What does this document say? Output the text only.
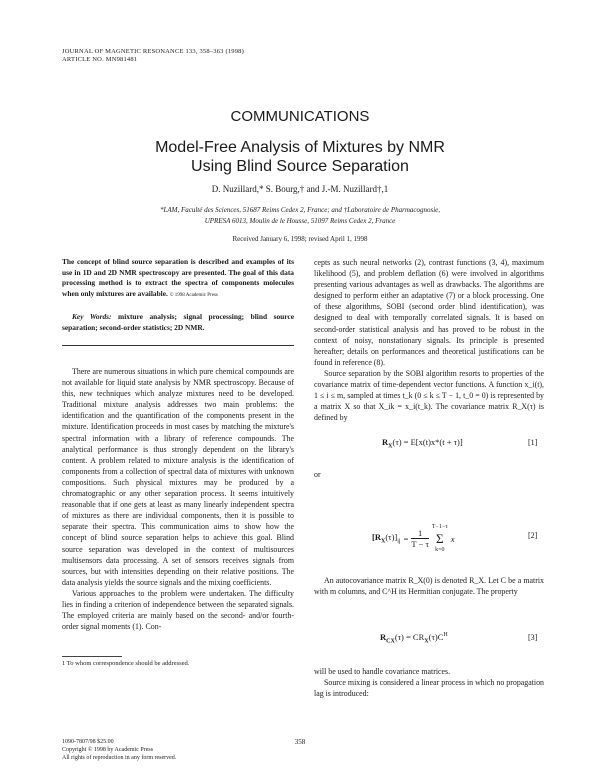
JOURNAL OF MAGNETIC RESONANCE 133, 358–363 (1998)
ARTICLE NO. MN981481
COMMUNICATIONS
Model-Free Analysis of Mixtures by NMR
Using Blind Source Separation
D. Nuzillard,* S. Bourg,† and J.-M. Nuzillard†,1
*LAM, Faculté des Sciences, 51687 Reims Cedex 2, France; and †Laboratoire de Pharmacognosie,
UPRESA 6013, Moulin de le Housse, 51097 Reims Cedex 2, France
Received January 6, 1998; revised April 1, 1998
The concept of blind source separation is described and examples of its use in 1D and 2D NMR spectroscopy are presented. The goal of this data processing method is to extract the spectra of components molecules when only mixtures are available. © 1998 Academic Press

Key Words: mixture analysis; signal processing; blind source separation; second-order statistics; 2D NMR.

There are numerous situations in which pure chemical compounds are not available for liquid state analysis by NMR spectroscopy. Because of this, new techniques which analyze mixtures need to be developed. Traditional mixture analysis addresses two main problems: the identification and the quantification of the components present in the mixture. Identification proceeds in most cases by matching the mixture's spectral information with a library of reference compounds. The analytical performance is thus strongly dependent on the library's content. A problem related to mixture analysis is the identification of components from a collection of spectral data of mixtures with unknown compositions. Such physical mixtures may be produced by a chromatographic or any other separation process. It seems intuitively reasonable that if one gets at least as many linearly independent spectra of mixtures as there are individual components, then it is possible to separate their spectra. This communication aims to show how the concept of blind source separation helps to achieve this goal. Blind source separation was developed in the context of multisources multisensors data processing. A set of sensors receives signals from sources, but with intensities depending on their relative positions. The data analysis yields the source signals and the mixing coefficients.

Various approaches to the problem were undertaken. The difficulty lies in finding a criterion of independence between the separated signals. The employed criteria are mainly based on the second- and/or fourth-order signal moments (1). Con-

cepts as such neural networks (2), contrast functions (3, 4), maximum likelihood (5), and problem deflation (6) were involved in algorithms presenting various advantages as well as drawbacks. The algorithms are designed to perform either an adaptative (7) or a block processing. One of these algorithms, SOBI (second order blind identification), was designed to deal with temporally correlated signals. It is based on second-order statistical analysis and has proved to be robust in the context of noisy, nonstationary signals. Its principle is presented hereafter; details on performances and theoretical justifications can be found in reference (8).

Source separation by the SOBI algorithm resorts to properties of the covariance matrix of time-dependent vector functions. A function x_i(t), 1 ≤ i ≤ m, sampled at times t_k (0 ≤ k ≤ T − 1, t_0 = 0) is represented by a matrix X so that X_ik = x_i(t_k). The covariance matrix R_X(τ) is defined by

$R_X(\tau) = E[x(t)x*(t + \tau)]$	[1]
or
$[R_X(\tau)]_{ij} = \frac{1}{T - \tau}$
T−1−τ
Σ
k=0
x	[2]

An autocovariance matrix R_X(0) is denoted R_X. Let C be a matrix with m columns, and C^H its Hermitian conjugate. The property

$R_{CX}(\tau) = CR_X(\tau)C^H$	[3]

will be used to handle covariance matrices.

Source mixing is considered a linear process in which no propagation lag is introduced:

1 To whom correspondence should be addressed.
1090-7807/98 $25.00
Copyright © 1998 by Academic Press
All rights of reproduction in any form reserved.
358
